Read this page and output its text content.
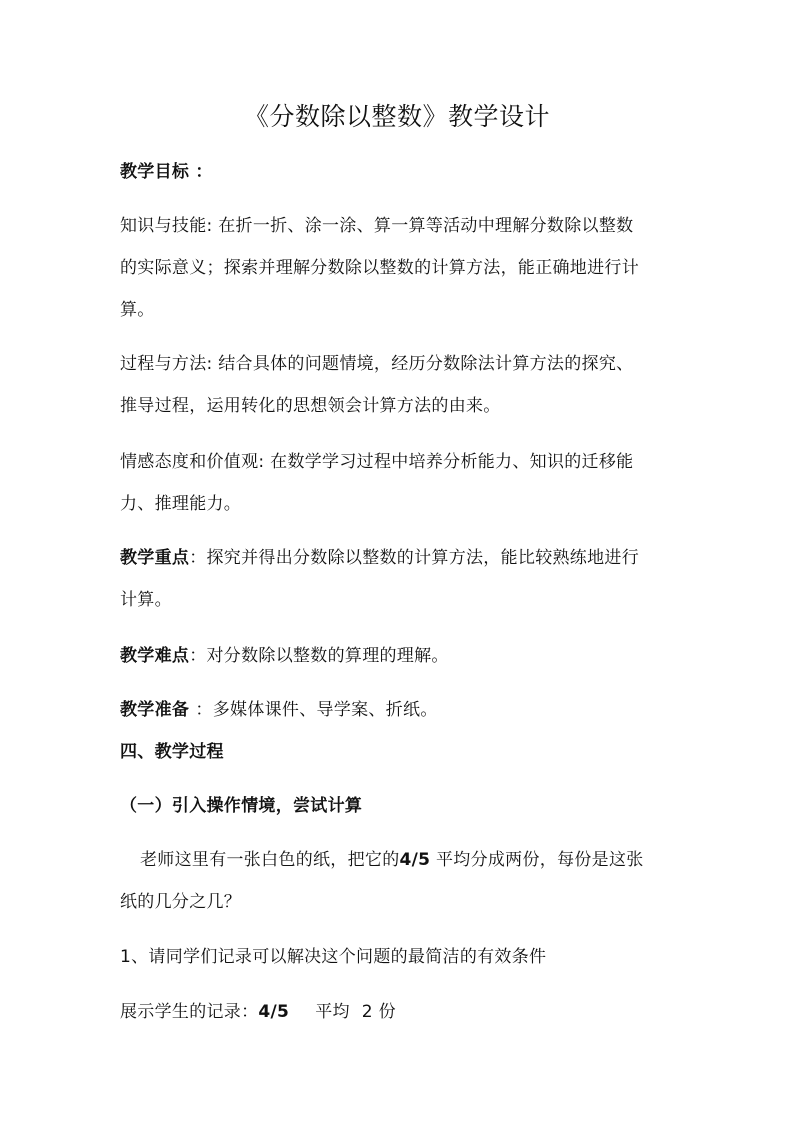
《分数除以整数》教学设计
教学目标 ：
知识与技能: 在折一折、涂一涂、算一算等活动中理解分数除以整数
的实际意义；探索并理解分数除以整数的计算方法，能正确地进行计
算。
过程与方法: 结合具体的问题情境，经历分数除法计算方法的探究、
推导过程，运用转化的思想领会计算方法的由来。
情感态度和价值观: 在数学学习过程中培养分析能力、知识的迁移能
力、推理能力。
教学重点：探究并得出分数除以整数的计算方法，能比较熟练地进行
计算。
教学难点：对分数除以整数的算理的理解。
教学准备 ：多媒体课件、导学案、折纸。
四、教学过程
（一）引入操作情境，尝试计算
老师这里有一张白色的纸，把它的4/5 平均分成两份，每份是这张
纸的几分之几？
1、请同学们记录可以解决这个问题的最简洁的有效条件
展示学生的记录：4/5 平均 2 份
